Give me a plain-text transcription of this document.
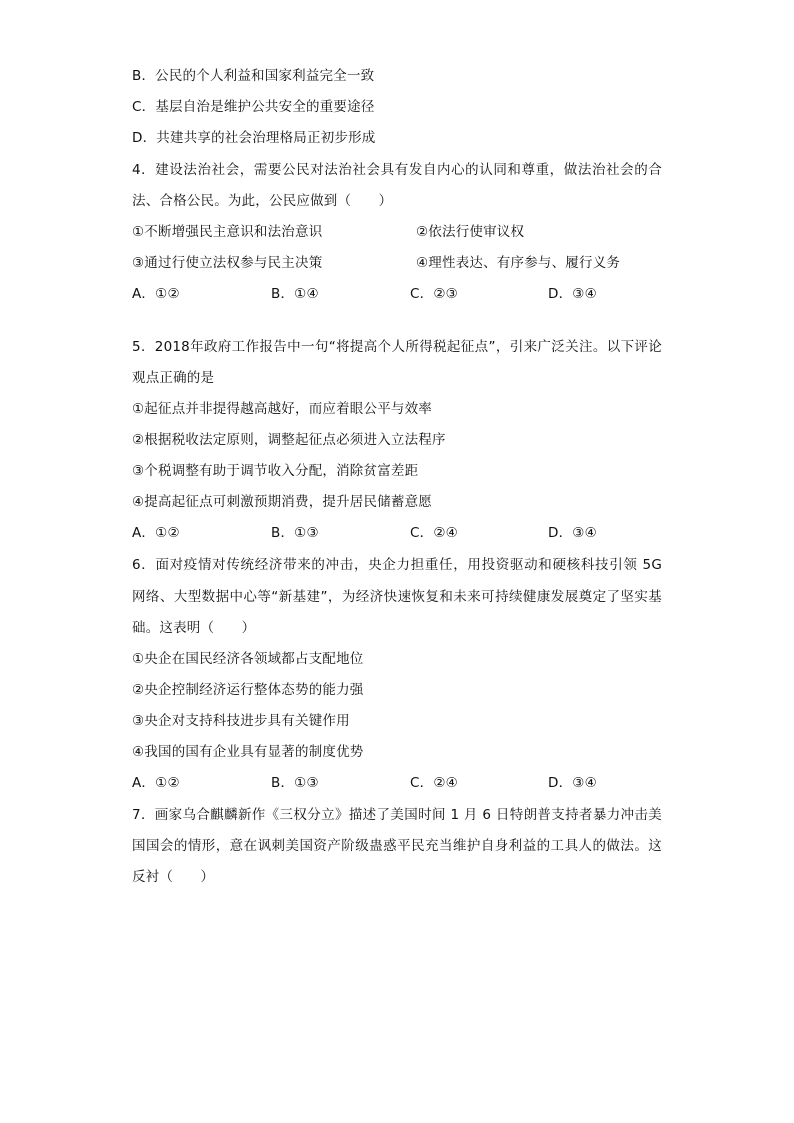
B．公民的个人利益和国家利益完全一致
C．基层自治是维护公共安全的重要途径
D．共建共享的社会治理格局正初步形成
4．建设法治社会，需要公民对法治社会具有发自内心的认同和尊重，做法治社会的合
法、合格公民。为此，公民应做到（　　）
①不断增强民主意识和法治意识	②依法行使审议权
③通过行使立法权参与民主决策	④理性表达、有序参与、履行义务
A．①②	B．①④	C．②③	D．③④
5．2018年政府工作报告中一句“将提高个人所得税起征点”，引来广泛关注。以下评论
观点正确的是
①起征点并非提得越高越好，而应着眼公平与效率
②根据税收法定原则，调整起征点必须进入立法程序
③个税调整有助于调节收入分配，消除贫富差距
④提高起征点可刺激预期消费，提升居民储蓄意愿
A．①②	B．①③	C．②④	D．③④
6．面对疫情对传统经济带来的冲击，央企力担重任，用投资驱动和硬核科技引领 5G
网络、大型数据中心等“新基建”，为经济快速恢复和未来可持续健康发展奠定了坚实基
础。这表明（　　）
①央企在国民经济各领域都占支配地位
②央企控制经济运行整体态势的能力强
③央企对支持科技进步具有关键作用
④我国的国有企业具有显著的制度优势
A．①②	B．①③	C．②④	D．③④
7．画家乌合麒麟新作《三权分立》描述了美国时间 1 月 6 日特朗普支持者暴力冲击美
国国会的情形，意在讽刺美国资产阶级蛊惑平民充当维护自身利益的工具人的做法。这
反衬（　　）
